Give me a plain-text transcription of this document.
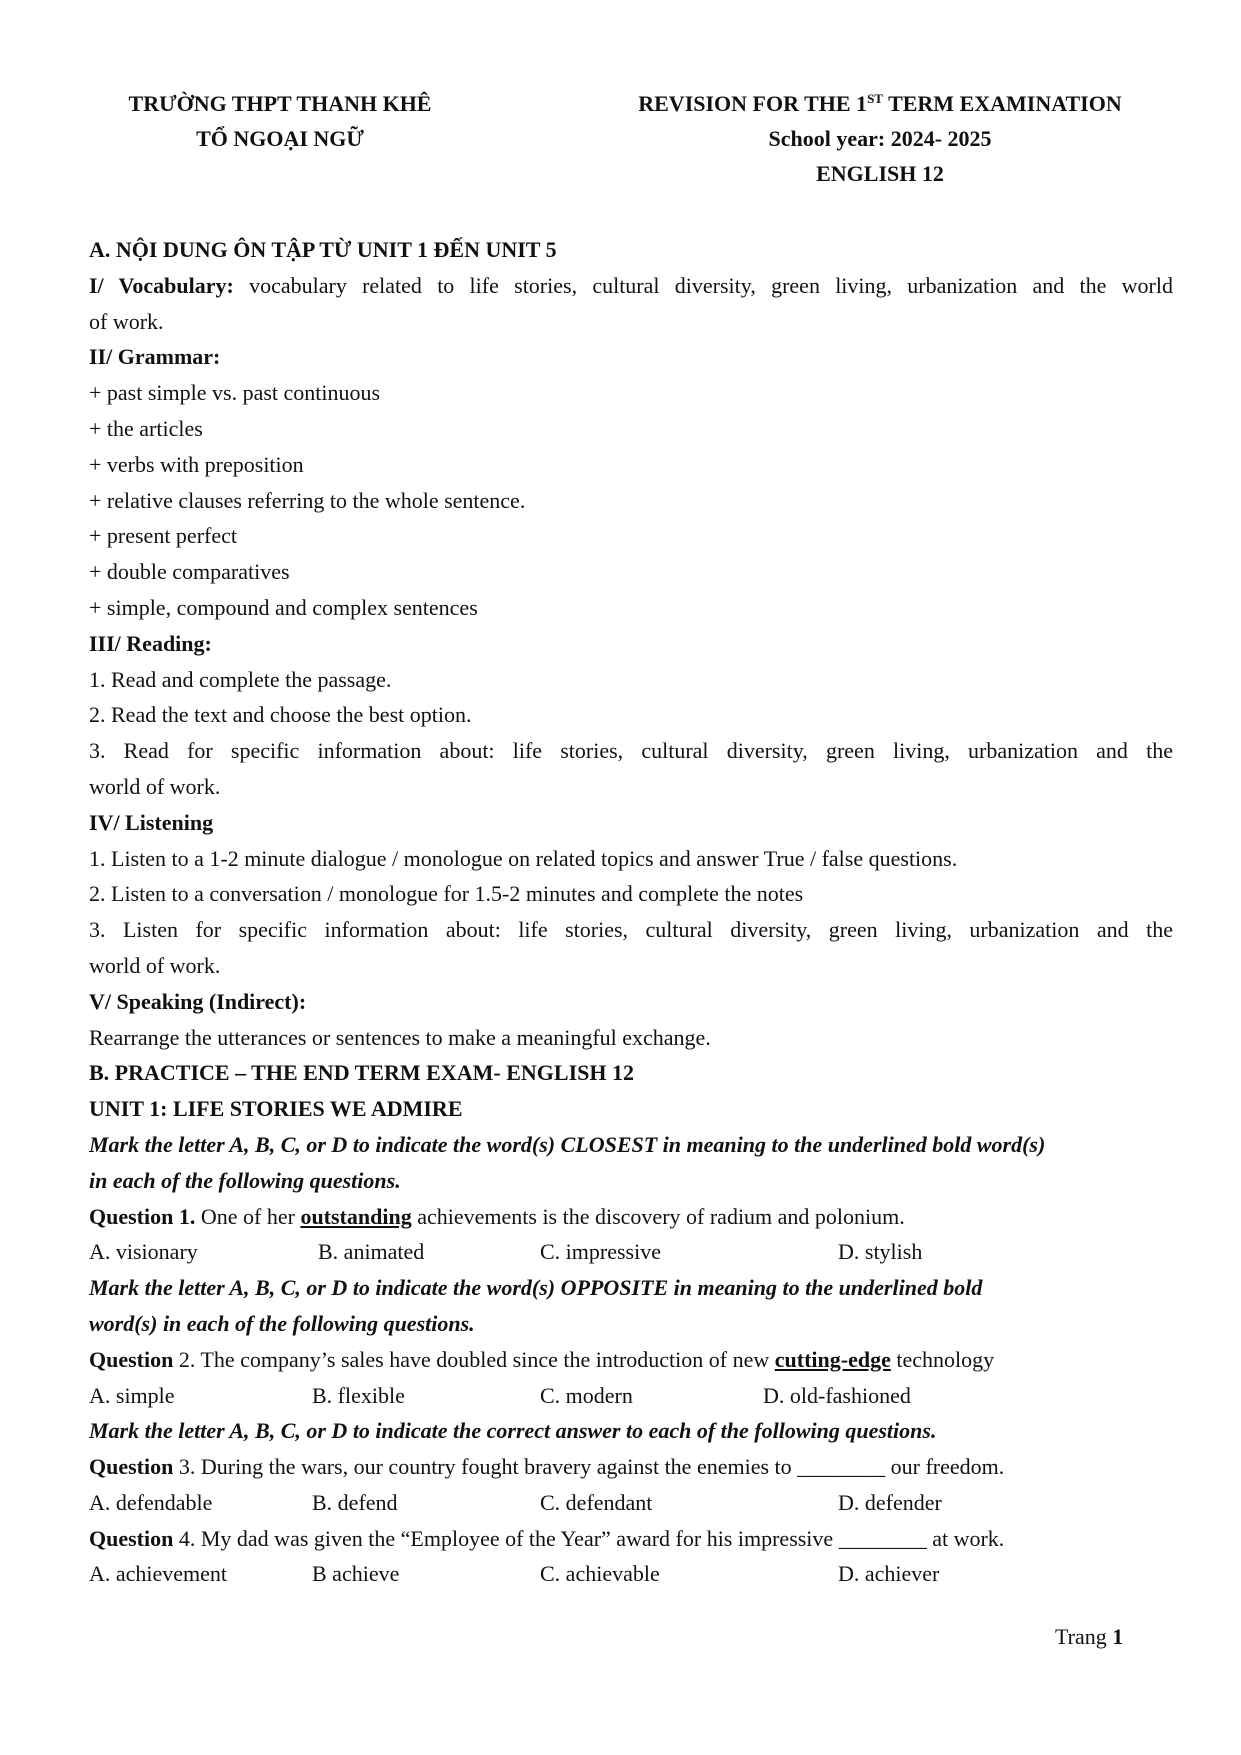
TRƯỜNG THPT THANH KHÊ
TỔ NGOẠI NGỮ
REVISION FOR THE 1ST TERM EXAMINATION
School year: 2024- 2025
ENGLISH 12
A. NỘI DUNG ÔN TẬP TỪ UNIT 1 ĐẾN UNIT 5
I/ Vocabulary: vocabulary related to life stories, cultural diversity, green living, urbanization and the world
of work.
II/ Grammar:
+ past simple vs. past continuous
+ the articles
+ verbs with preposition
+ relative clauses referring to the whole sentence.
+ present perfect
+ double comparatives
+ simple, compound and complex sentences
III/ Reading:
1. Read and complete the passage.
2. Read the text and choose the best option.
3. Read for specific information about: life stories, cultural diversity, green living, urbanization and the
world of work.
IV/ Listening
1. Listen to a 1-2 minute dialogue / monologue on related topics and answer True / false questions.
2. Listen to a conversation / monologue for 1.5-2 minutes and complete the notes
3. Listen for specific information about: life stories, cultural diversity, green living, urbanization and the
world of work.
V/ Speaking (Indirect):
Rearrange the utterances or sentences to make a meaningful exchange.
B. PRACTICE – THE END TERM EXAM- ENGLISH 12
UNIT 1: LIFE STORIES WE ADMIRE
Mark the letter A, B, C, or D to indicate the word(s) CLOSEST in meaning to the underlined bold word(s)
in each of the following questions.
Question 1. One of her outstanding achievements is the discovery of radium and polonium.
A. visionary	B. animated	C. impressive	D. stylish
Mark the letter A, B, C, or D to indicate the word(s) OPPOSITE in meaning to the underlined bold
word(s) in each of the following questions.
Question 2. The company’s sales have doubled since the introduction of new cutting-edge technology
A. simple	B. flexible	C. modern	D. old-fashioned
Mark the letter A, B, C, or D to indicate the correct answer to each of the following questions.
Question 3. During the wars, our country fought bravery against the enemies to ________ our freedom.
A. defendable	B. defend	C. defendant	D. defender
Question 4. My dad was given the “Employee of the Year” award for his impressive ________ at work.
A. achievement	B achieve	C. achievable	D. achiever
Trang 1
